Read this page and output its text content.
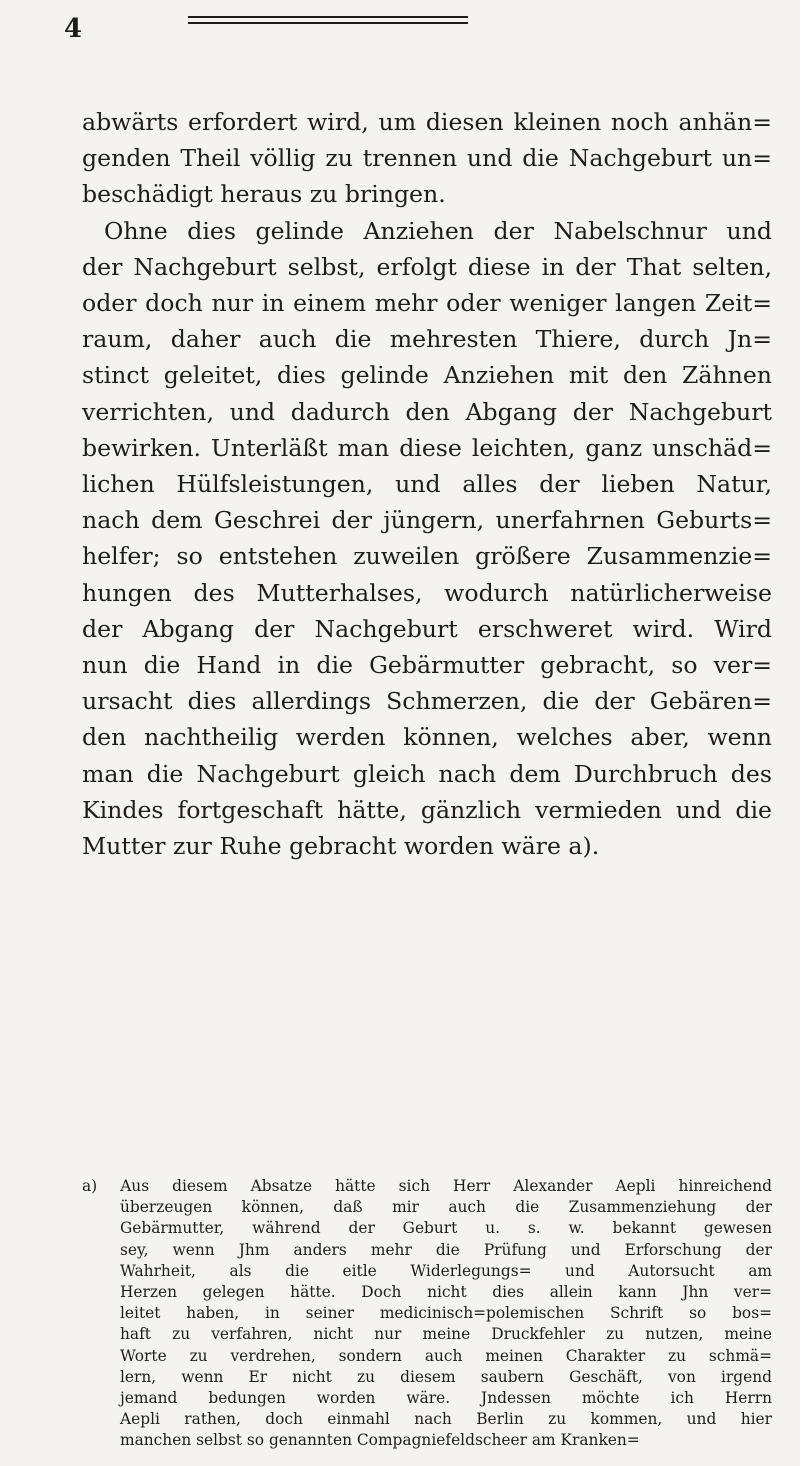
4
abwärts erfordert wird, um diesen kleinen noch anhän=
genden Theil völlig zu trennen und die Nachgeburt un=
beschädigt heraus zu bringen.
Ohne dies gelinde Anziehen der Nabelschnur und
der Nachgeburt selbst, erfolgt diese in der That selten,
oder doch nur in einem mehr oder weniger langen Zeit=
raum, daher auch die mehresten Thiere, durch Jn=
stinct geleitet, dies gelinde Anziehen mit den Zähnen
verrichten, und dadurch den Abgang der Nachgeburt
bewirken. Unterläßt man diese leichten, ganz unschäd=
lichen Hülfsleistungen, und alles der lieben Natur,
nach dem Geschrei der jüngern, unerfahrnen Geburts=
helfer; so entstehen zuweilen größere Zusammenzie=
hungen des Mutterhalses, wodurch natürlicherweise
der Abgang der Nachgeburt erschweret wird. Wird
nun die Hand in die Gebärmutter gebracht, so ver=
ursacht dies allerdings Schmerzen, die der Gebären=
den nachtheilig werden können, welches aber, wenn
man die Nachgeburt gleich nach dem Durchbruch des
Kindes fortgeschaft hätte, gänzlich vermieden und die
Mutter zur Ruhe gebracht worden wäre a).
a) Aus diesem Absatze hätte sich Herr Alexander Aepli hinreichend
überzeugen können, daß mir auch die Zusammenziehung der
Gebärmutter, während der Geburt u. s. w. bekannt gewesen
sey, wenn Jhm anders mehr die Prüfung und Erforschung der
Wahrheit, als die eitle Widerlegungs= und Autorsucht am
Herzen gelegen hätte. Doch nicht dies allein kann Jhn ver=
leitet haben, in seiner medicinisch=polemischen Schrift so bos=
haft zu verfahren, nicht nur meine Druckfehler zu nutzen, meine
Worte zu verdrehen, sondern auch meinen Charakter zu schmä=
lern, wenn Er nicht zu diesem saubern Geschäft, von irgend
jemand bedungen worden wäre. Jndessen möchte ich Herrn
Aepli rathen, doch einmahl nach Berlin zu kommen, und hier
manchen selbst so genannten Compagniefeldscheer am Kranken=
